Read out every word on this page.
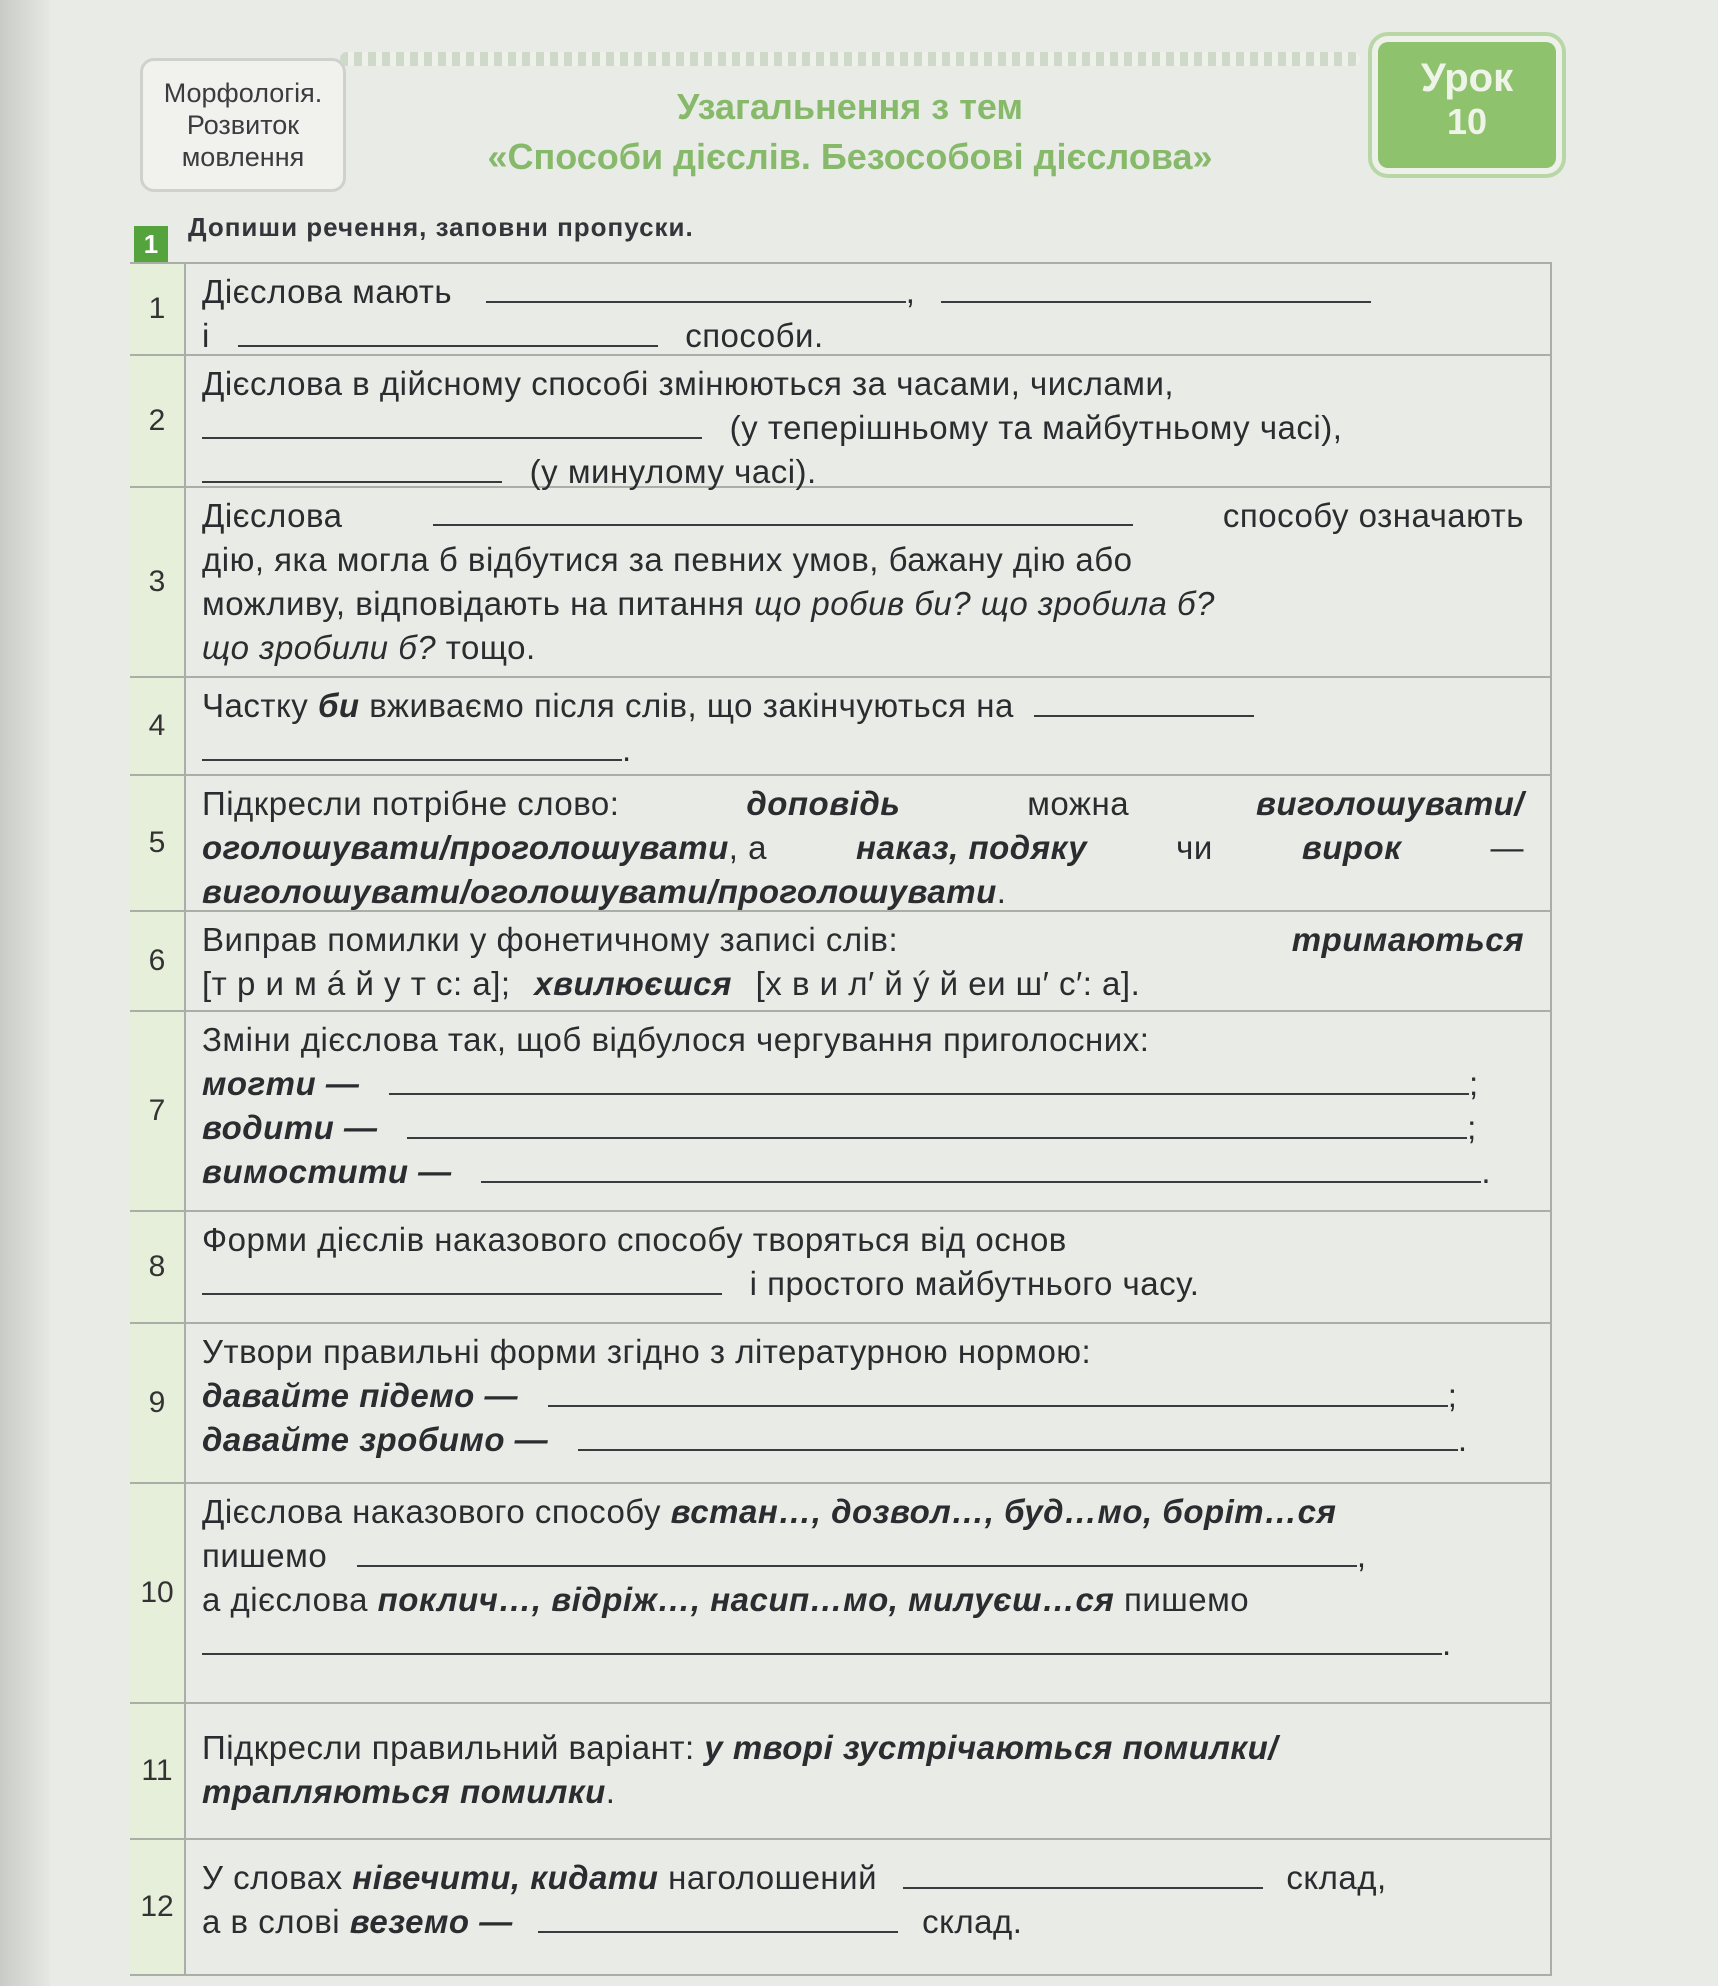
Морфологія.
Розвиток
мовлення
Узагальнення з тем
«Способи дієслів. Безособові дієслова»
Урок
10
1
Допиши речення, заповни пропуски.
1	Дієслова мають	,
і	способи.
2
Дієслова в дійсному способі змінюються за часами, числами,
(у теперішньому та майбутньому часі),
(у минулому часі).
3
Дієслова	способу означають
дію, яка могла б відбутися за певних умов, бажану дію або
можливу, відповідають на питання що робив би? що зробила б?
що зробили б? тощо.
4
Частку би вживаємо після слів, що закінчуються на
.
5
Підкресли потрібне слово:	доповідь	можна	виголошувати/
оголошувати/проголошувати, а	наказ, подяку	чи	вирок	—
виголошувати/оголошувати/проголошувати.
6
Виправ помилки у фонетичному записі слів:	тримаються
[т р и м á й у т с: а]; хвилюєшся [х в и л′ й ý й еи ш′ с′: а].
7
Зміни дієслова так, щоб відбулося чергування приголосних:
могти —	;
водити —	;
вимостити —	.
8
Форми дієслів наказового способу творяться від основ
і простого майбутнього часу.
9
Утвори правильні форми згідно з літературною нормою:
давайте підемо —	;
давайте зробимо —	.
10
Дієслова наказового способу встан…, дозвол…, буд…мо, борiт…ся
пишемо	,
а дієслова поклич…, відріж…, насип…мо, милуєш…ся пишемо
.
11
Підкресли правильний варіант: у творі зустрічаються помилки/
трапляються помилки.
12
У словах нівечити, кидати наголошений	склад,
а в слові веземо —	склад.
